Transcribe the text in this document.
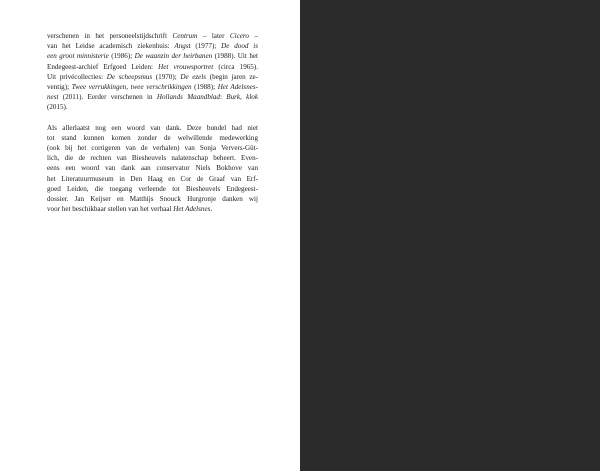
verschenen in het personeelstijdschrift Centrum – later Cicero –
van het Leidse academisch ziekenhuis: Angst (1977); De dood is
een groot minnisterie (1986); De waanzin der heirbanen (1988). Uit het
Endegeest-archief Erfgoed Leiden: Het vrouwsportret (circa 1965).
Uit privécollecties: De scheepsmus (1970); De ezels (begin jaren ze-
ventig); Twee verrukkingen, twee verschrikkingen (1988); Het Adelsnes-
nest (2011). Eerder verschenen in Hollands Maandblad: Burk, klok
(2015).
Als allerlaatst nog een woord van dank. Deze bundel had niet
tot stand kunnen komen zonder de welwillende medewerking
(ook bij het corrigeren van de verhalen) van Sonja Ververs-Güt-
lich, die de rechten van Biesheuvels nalatenschap beheert. Even-
eens een woord van dank aan conservator Niels Bokhove van
het Literatuurmuseum in Den Haag en Cor de Graaf van Erf-
goed Leiden, die toegang verleende tot Biesheuvels Endegeest-
dossier. Jan Keijser en Matthijs Snouck Hurgronje danken wij
voor het beschikbaar stellen van het verhaal Het Adelsnes.
